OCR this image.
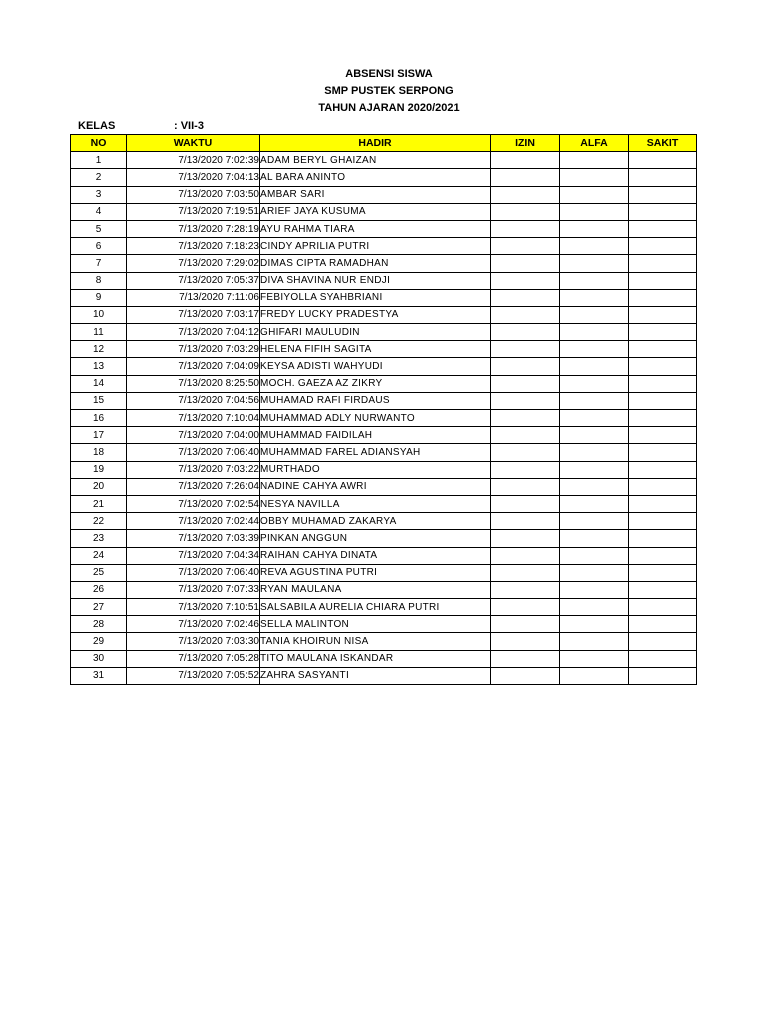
ABSENSI SISWA
SMP PUSTEK SERPONG
TAHUN AJARAN 2020/2021
KELAS	: VII-3
NO	WAKTU	HADIR	IZIN	ALFA	SAKIT
1	7/13/2020 7:02:39	ADAM BERYL GHAIZAN			
2	7/13/2020 7:04:13	AL BARA ANINTO			
3	7/13/2020 7:03:50	AMBAR SARI			
4	7/13/2020 7:19:51	ARIEF JAYA KUSUMA			
5	7/13/2020 7:28:19	AYU RAHMA TIARA			
6	7/13/2020 7:18:23	CINDY APRILIA PUTRI			
7	7/13/2020 7:29:02	DIMAS CIPTA RAMADHAN			
8	7/13/2020 7:05:37	DIVA SHAVINA NUR ENDJI			
9	7/13/2020 7:11:06	FEBIYOLLA SYAHBRIANI			
10	7/13/2020 7:03:17	FREDY LUCKY PRADESTYA			
11	7/13/2020 7:04:12	GHIFARI MAULUDIN			
12	7/13/2020 7:03:29	HELENA FIFIH SAGITA			
13	7/13/2020 7:04:09	KEYSA ADISTI WAHYUDI			
14	7/13/2020 8:25:50	MOCH. GAEZA AZ ZIKRY			
15	7/13/2020 7:04:56	MUHAMAD RAFI FIRDAUS			
16	7/13/2020 7:10:04	MUHAMMAD ADLY NURWANTO			
17	7/13/2020 7:04:00	MUHAMMAD FAIDILAH			
18	7/13/2020 7:06:40	MUHAMMAD FAREL ADIANSYAH			
19	7/13/2020 7:03:22	MURTHADO			
20	7/13/2020 7:26:04	NADINE CAHYA AWRI			
21	7/13/2020 7:02:54	NESYA NAVILLA			
22	7/13/2020 7:02:44	OBBY MUHAMAD ZAKARYA			
23	7/13/2020 7:03:39	PINKAN ANGGUN			
24	7/13/2020 7:04:34	RAIHAN CAHYA DINATA			
25	7/13/2020 7:06:40	REVA AGUSTINA PUTRI			
26	7/13/2020 7:07:33	RYAN MAULANA			
27	7/13/2020 7:10:51	SALSABILA AURELIA CHIARA PUTRI			
28	7/13/2020 7:02:46	SELLA MALINTON			
29	7/13/2020 7:03:30	TANIA KHOIRUN NISA			
30	7/13/2020 7:05:28	TITO MAULANA ISKANDAR			
31	7/13/2020 7:05:52	ZAHRA SASYANTI			
